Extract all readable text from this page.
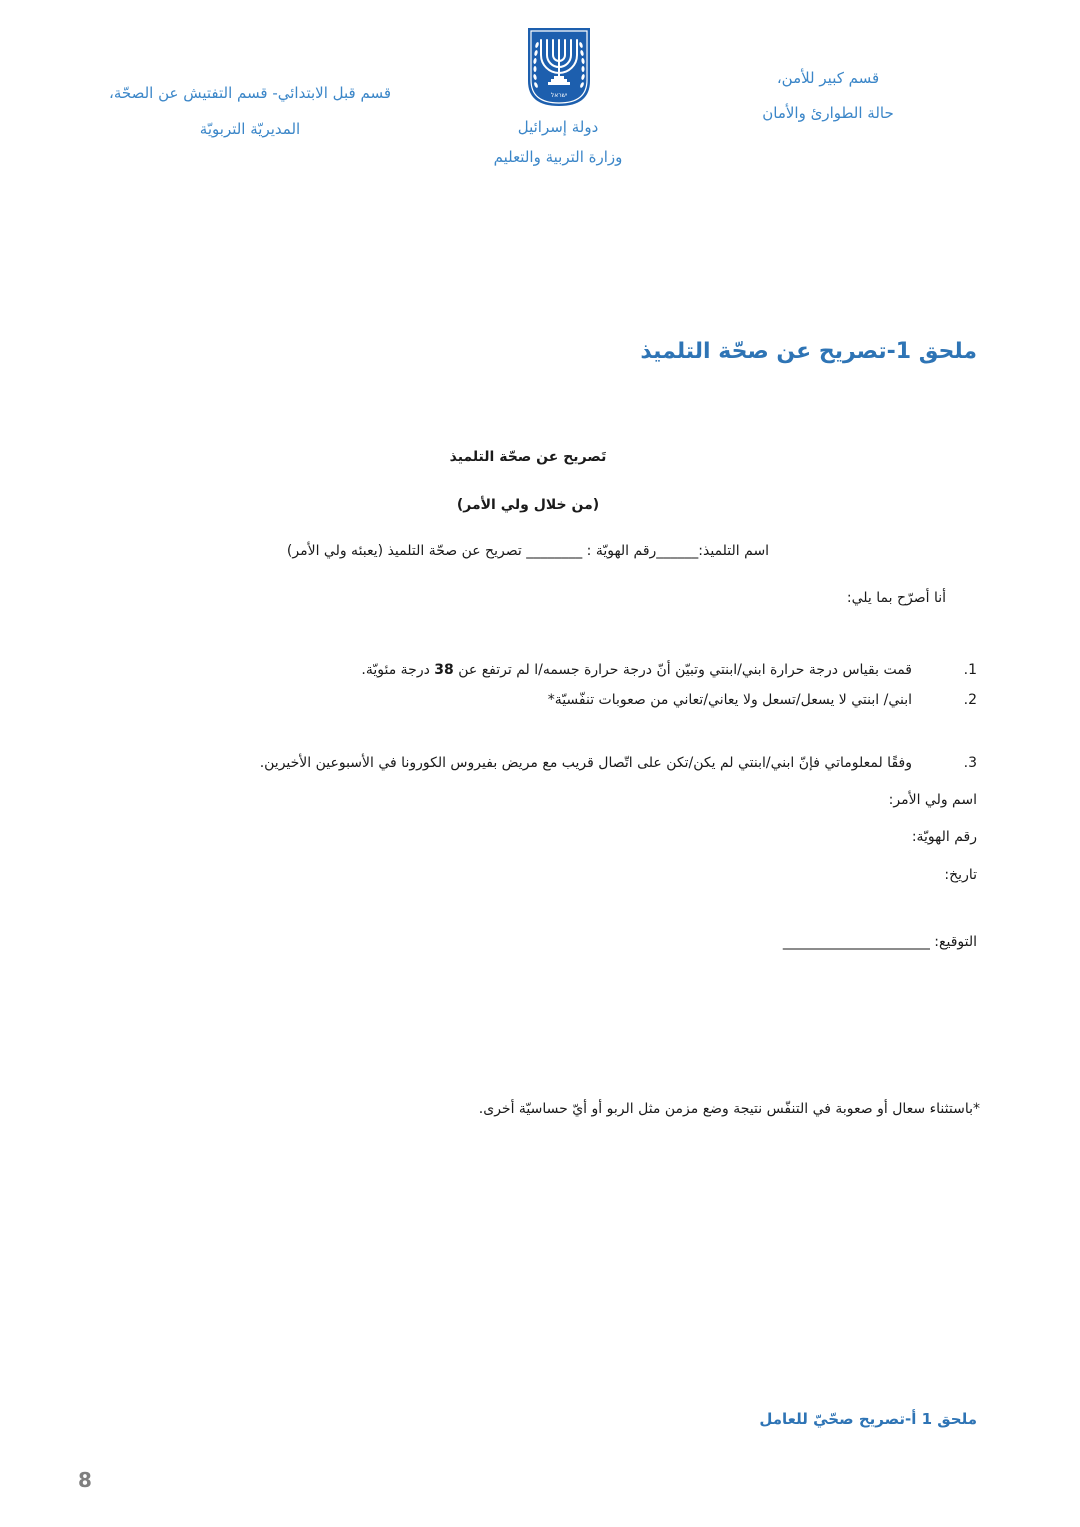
قسم كبير للأمن،
حالة الطوارئ والأمان
ישראל
دولة إسرائيل
وزارة التربية والتعليم
قسم قبل الابتدائي- قسم التفتيش عن الصحّة،
المديريّة التربويّة
ملحق 1-تصريح عن صحّة التلميذ
تَصريح عن صحّة التلميذ
(من خلال ولي الأمر)
اسم التلميذ:______رقم الهويّة : ________ تصريح عن صحّة التلميذ (يعبئه ولي الأمر)
أنا أصرّح بما يلي:
1.
قمت بقياس درجة حرارة ابني/ابنتي وتبيّن أنّ درجة حرارة جسمه/ا لم ترتفع عن 38 درجة مئويّة.
2.
ابني/ ابنتي لا يسعل/تسعل ولا يعاني/تعاني من صعوبات تنفّسيّة*
3.
وفقًا لمعلوماتي فإنّ ابني/ابنتي لم يكن/تكن على اتّصال قريب مع مريض بفيروس الكورونا في الأسبوعين الأخيرين.
اسم ولي الأمر:
رقم الهويّة:
تاريخ:
التوقيع: _____________________
*باستثناء سعال أو صعوبة في التنفّس نتيجة وضع مزمن مثل الربو أو أيّ حساسيّة أخرى.
ملحق 1 أ-تصريح صحّيّ للعامل
8
